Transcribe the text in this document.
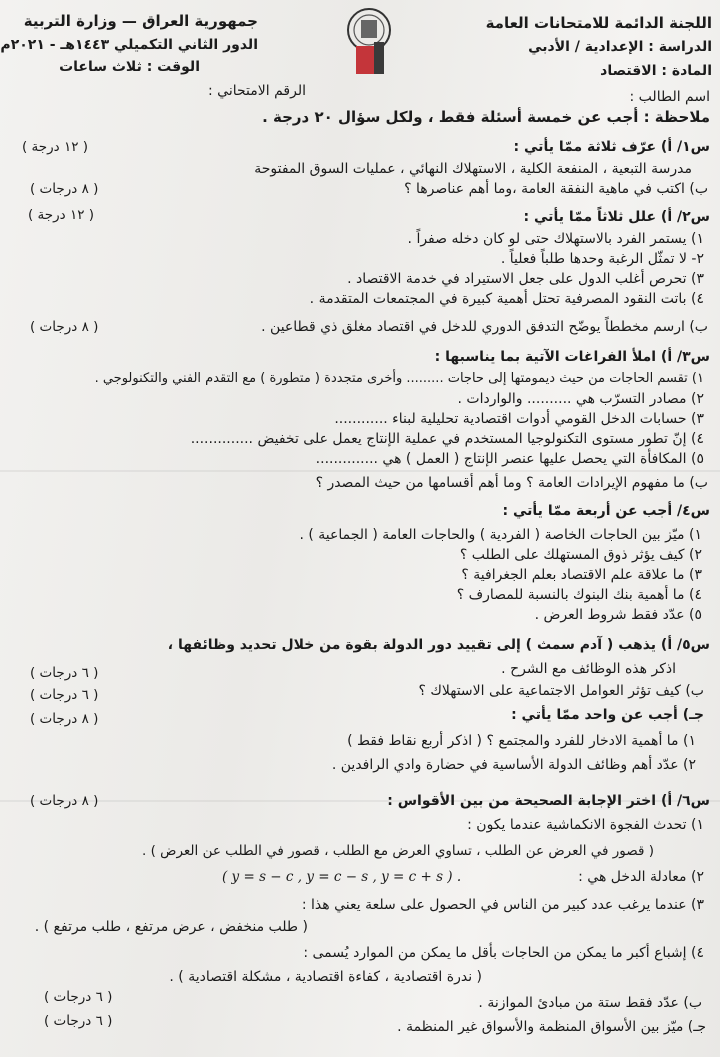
اللجنة الدائمة للامتحانات العامة
الدراسة : الإعدادية / الأدبي
المادة : الاقتصاد
جمهورية العراق — وزارة التربية
الدور الثاني التكميلي ١٤٤٣هـ - ٢٠٢١م
الوقت : ثلاث ساعات
اسم الطالب :
الرقم الامتحاني :
ملاحظة : أجب عن خمسة أسئلة فقط ، ولكل سؤال ٢٠ درجة .
س١/ أ) عرّف ثلاثة ممّا يأتي :
( ١٢ درجة )
مدرسة التبعية ، المنفعة الكلية ، الاستهلاك النهائي ، عمليات السوق المفتوحة
ب) اكتب في ماهية النفقة العامة ،وما أهم عناصرها ؟
( ٨ درجات )
س٢/ أ) علل ثلاثاً ممّا يأتي :
( ١٢ درجة )
١) يستمر الفرد بالاستهلاك حتى لو كان دخله صفراً .
٢- لا تمثّل الرغبة وحدها طلباً فعلياً .
٣) تحرص أغلب الدول على جعل الاستيراد في خدمة الاقتصاد .
٤) باتت النقود المصرفية تحتل أهمية كبيرة في المجتمعات المتقدمة .
ب) ارسم مخططاً يوضّح التدفق الدوري للدخل في اقتصاد مغلق ذي قطاعين .
( ٨ درجات )
س٣/ أ) املأ الفراغات الآتية بما يناسبها :
١) تقسم الحاجات من حيث ديمومتها إلى حاجات ......... وأخرى متجددة ( متطورة ) مع التقدم الفني والتكنولوجي .
٢) مصادر التسرّب هي .......... والواردات .
٣) حسابات الدخل القومي أدوات اقتصادية تحليلية لبناء ............
٤) إنّ تطور مستوى التكنولوجيا المستخدم في عملية الإنتاج يعمل على تخفيض ..............
٥) المكافأة التي يحصل عليها عنصر الإنتاج ( العمل ) هي ..............
ب) ما مفهوم الإيرادات العامة ؟ وما أهم أقسامها من حيث المصدر ؟
س٤/ أجب عن أربعة ممّا يأتي :
١) ميّز بين الحاجات الخاصة ( الفردية ) والحاجات العامة ( الجماعية ) .
٢) كيف يؤثر ذوق المستهلك على الطلب ؟
٣) ما علاقة علم الاقتصاد بعلم الجغرافية ؟
٤) ما أهمية بنك البنوك بالنسبة للمصارف ؟
٥) عدّد فقط شروط العرض .
س٥/ أ) يذهب ( آدم سمث ) إلى تقييد دور الدولة بقوة من خلال تحديد وظائفها ،
اذكر هذه الوظائف مع الشرح .
( ٦ درجات )
ب) كيف تؤثر العوامل الاجتماعية على الاستهلاك ؟
( ٦ درجات )
جـ) أجب عن واحد ممّا يأتي :
( ٨ درجات )
١) ما أهمية الادخار للفرد والمجتمع ؟ ( اذكر أربع نقاط فقط )
٢) عدّد أهم وظائف الدولة الأساسية في حضارة وادي الرافدين .
س٦/ أ) اختر الإجابة الصحيحة من بين الأقواس :
( ٨ درجات )
١) تحدث الفجوة الانكماشية عندما يكون :
( قصور في العرض عن الطلب ، تساوي العرض مع الطلب ، قصور في الطلب عن العرض ) .
٢) معادلة الدخل هي :
( y = s − c , y = c − s , y = c + s ) .
٣) عندما يرغب عدد كبير من الناس في الحصول على سلعة يعني هذا :
( طلب منخفض ، عرض مرتفع ، طلب مرتفع ) .
٤) إشباع أكبر ما يمكن من الحاجات بأقل ما يمكن من الموارد يُسمى :
( ندرة اقتصادية ، كفاءة اقتصادية ، مشكلة اقتصادية ) .
ب) عدّد فقط ستة من مبادئ الموازنة .
( ٦ درجات )
جـ) ميّز بين الأسواق المنظمة والأسواق غير المنظمة .
( ٦ درجات )
